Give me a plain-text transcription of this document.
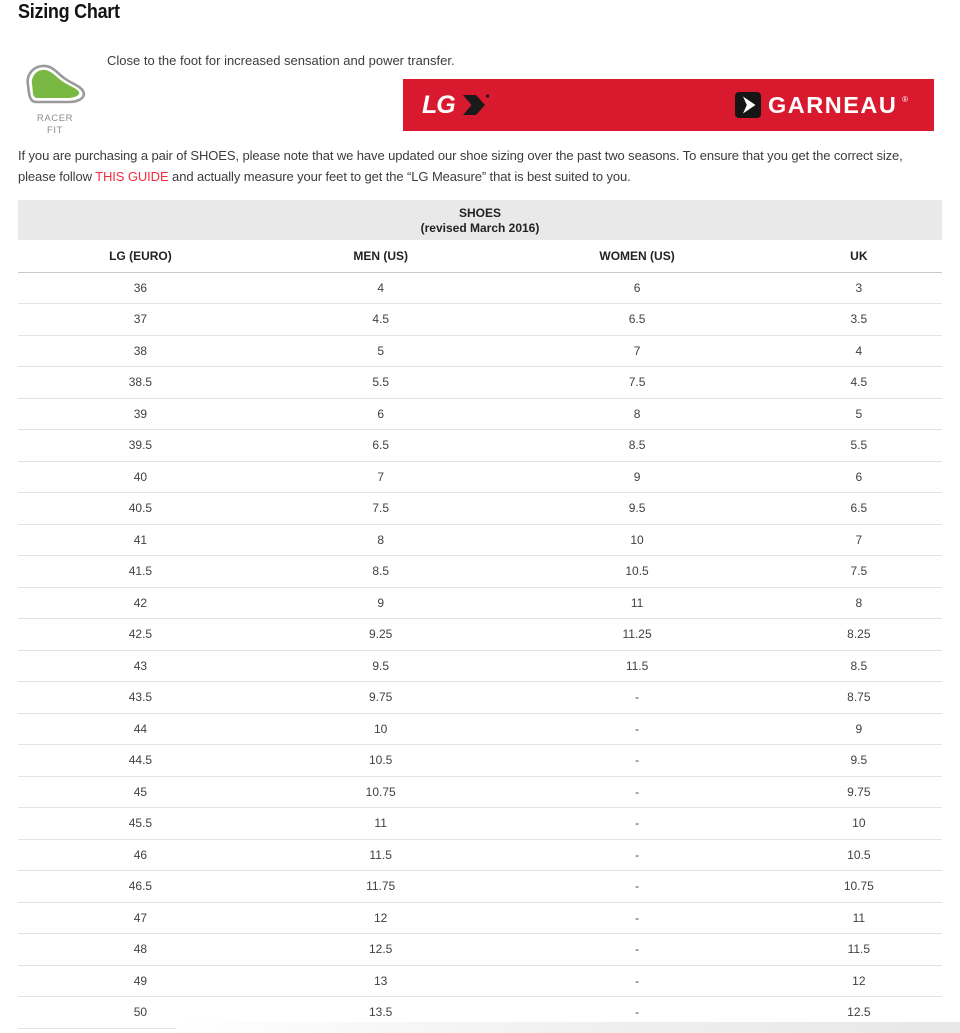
Sizing Chart
RACER
FIT
Close to the foot for increased sensation and power transfer.
LG	GARNEAU ®

If you are purchasing a pair of SHOES, please note that we have updated our shoe sizing over the past two seasons. To ensure that you get the correct size, please follow THIS GUIDE and actually measure your feet to get the “LG Measure” that is best suited to you.

SHOES
(revised March 2016)
LG (EURO)	MEN (US)	WOMEN (US)	UK
36	4	6	3
37	4.5	6.5	3.5
38	5	7	4
38.5	5.5	7.5	4.5
39	6	8	5
39.5	6.5	8.5	5.5
40	7	9	6
40.5	7.5	9.5	6.5
41	8	10	7
41.5	8.5	10.5	7.5
42	9	11	8
42.5	9.25	11.25	8.25
43	9.5	11.5	8.5
43.5	9.75	-	8.75
44	10	-	9
44.5	10.5	-	9.5
45	10.75	-	9.75
45.5	11	-	10
46	11.5	-	10.5
46.5	11.75	-	10.75
47	12	-	11
48	12.5	-	11.5
49	13	-	12
50	13.5	-	12.5
